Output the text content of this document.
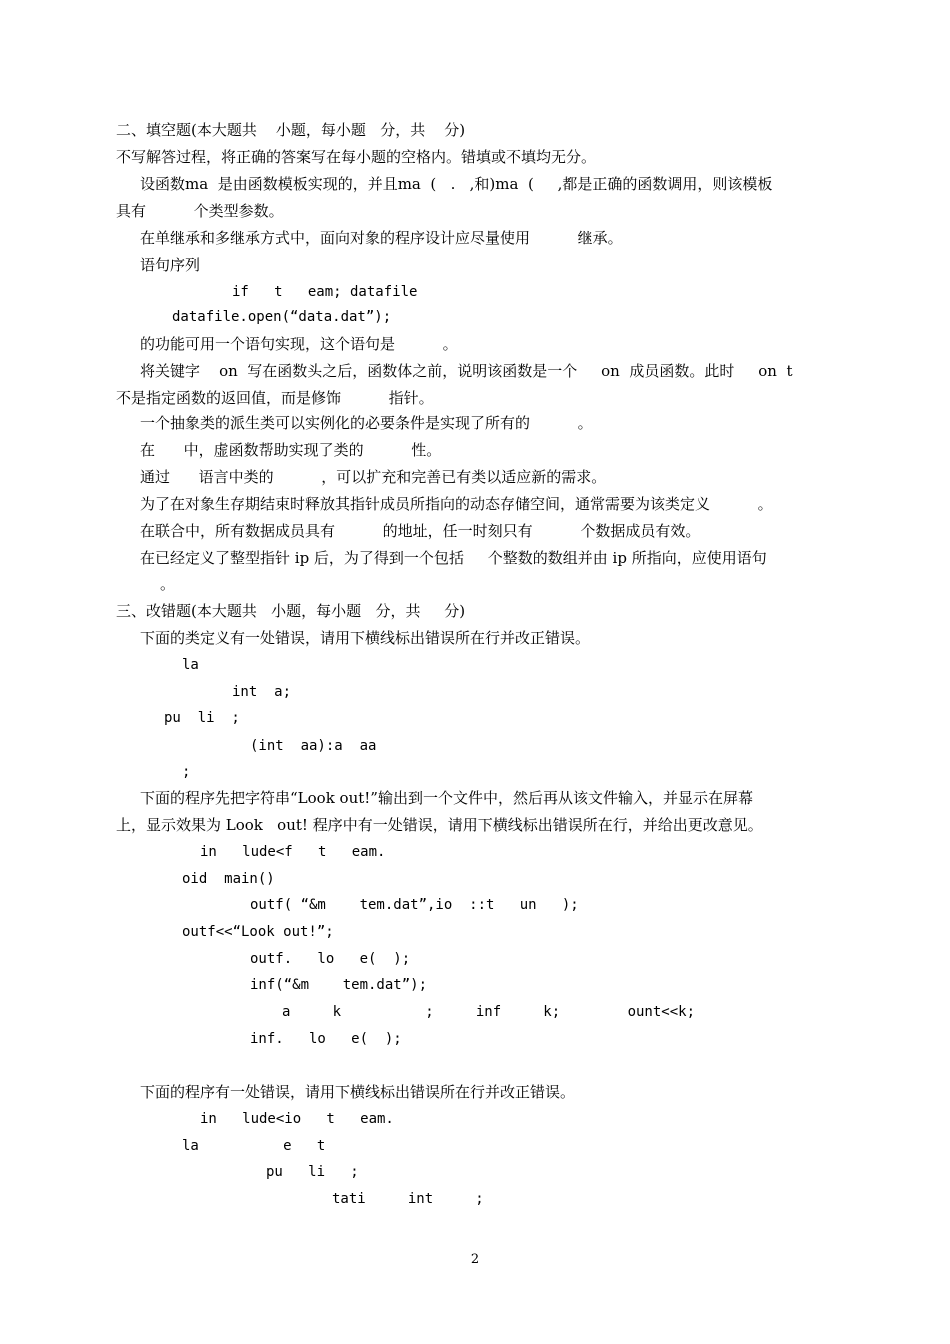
二、填空题(本大题共    小题，每小题   分，共    分)
不写解答过程，将正确的答案写在每小题的空格内。错填或不填均无分。
设函数ma  是由函数模板实现的，并且ma  (   .   ,和)ma  (     ,都是正确的函数调用，则该模板
具有          个类型参数。
在单继承和多继承方式中，面向对象的程序设计应尽量使用          继承。
语句序列
if   t   eam; datafile
datafile.open(“data.dat”);
的功能可用一个语句实现，这个语句是          。
将关键字    on  写在函数头之后，函数体之前，说明该函数是一个     on  成员函数。此时     on  t
不是指定函数的返回值，而是修饰          指针。
一个抽象类的派生类可以实例化的必要条件是实现了所有的          。
在      中，虚函数帮助实现了类的          性。
通过      语言中类的          ，可以扩充和完善已有类以适应新的需求。
为了在对象生存期结束时释放其指针成员所指向的动态存储空间，通常需要为该类定义          。
在联合中，所有数据成员具有          的地址，任一时刻只有          个数据成员有效。
在已经定义了整型指针 ip 后，为了得到一个包括     个整数的数组并由 ip 所指向，应使用语句
。
三、改错题(本大题共   小题，每小题   分，共     分)
下面的类定义有一处错误，请用下横线标出错误所在行并改正错误。
la
int  a;
pu  li  ;
(int  aa):a  aa
;
下面的程序先把字符串“Look out!”输出到一个文件中，然后再从该文件输入，并显示在屏幕
上，显示效果为 Look   out! 程序中有一处错误，请用下横线标出错误所在行，并给出更改意见。
in   lude<f   t   eam.
oid  main()
outf( “&m    tem.dat”,io  ::t   un   );
outf<<“Look out!”;
outf.   lo   e(  );
inf(“&m    tem.dat”);
a     k          ;     inf     k;        ount<<k;
inf.   lo   e(  );
下面的程序有一处错误，请用下横线标出错误所在行并改正错误。
in   lude<io   t   eam.
la          e   t
pu   li   ;
tati     int     ;
2
